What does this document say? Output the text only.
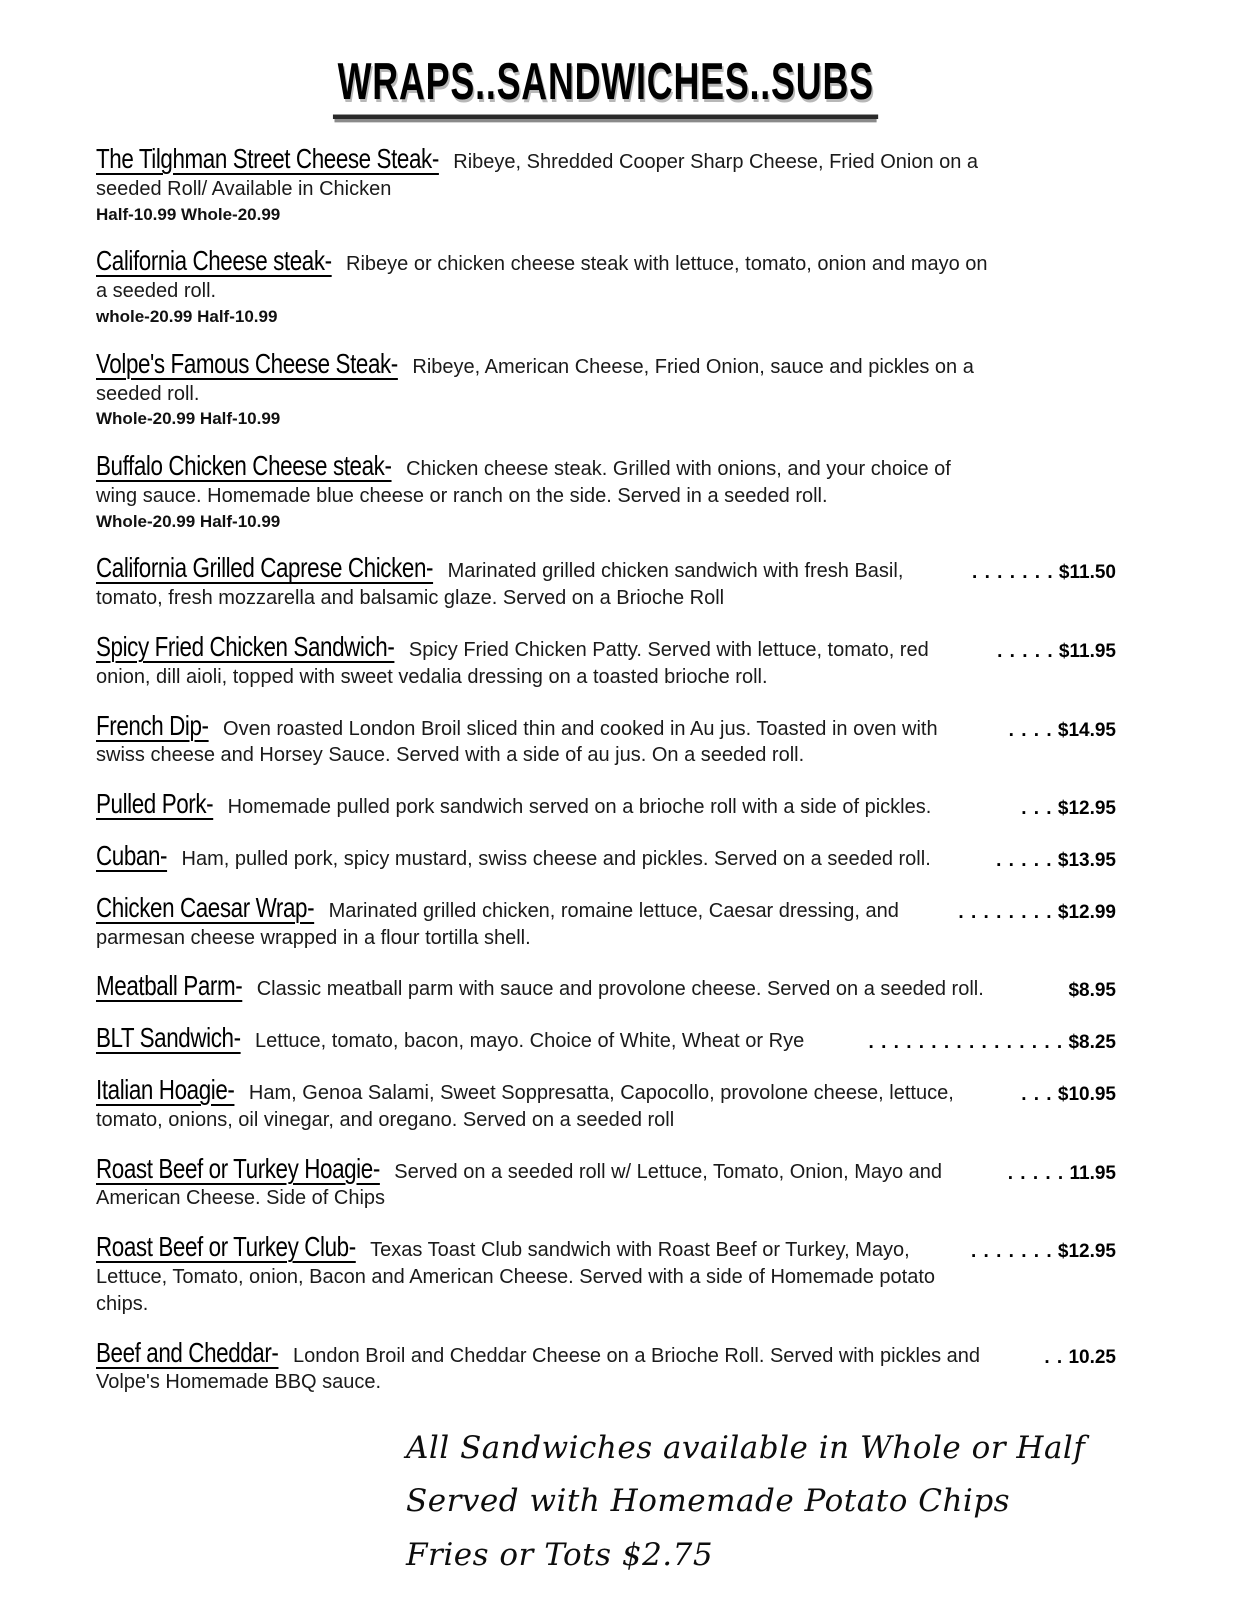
WRAPS..SANDWICHES..SUBS
The Tilghman Street Cheese Steak- Ribeye, Shredded Cooper Sharp Cheese, Fried Onion on a
seeded Roll/ Available in Chicken
Half-10.99 Whole-20.99
California Cheese steak- Ribeye or chicken cheese steak with lettuce, tomato, onion and mayo on
a seeded roll.
whole-20.99 Half-10.99
Volpe's Famous Cheese Steak- Ribeye, American Cheese, Fried Onion, sauce and pickles on a
seeded roll.
Whole-20.99 Half-10.99
Buffalo Chicken Cheese steak- Chicken cheese steak. Grilled with onions, and your choice of
wing sauce. Homemade blue cheese or ranch on the side. Served in a seeded roll.
Whole-20.99 Half-10.99
. . . . . . . $11.50
California Grilled Caprese Chicken- Marinated grilled chicken sandwich with fresh Basil,
tomato, fresh mozzarella and balsamic glaze. Served on a Brioche Roll
. . . . . $11.95
Spicy Fried Chicken Sandwich- Spicy Fried Chicken Patty. Served with lettuce, tomato, red
onion, dill aioli, topped with sweet vedalia dressing on a toasted brioche roll.
. . . . $14.95
French Dip- Oven roasted London Broil sliced thin and cooked in Au jus. Toasted in oven with
swiss cheese and Horsey Sauce. Served with a side of au jus. On a seeded roll.
. . . $12.95
Pulled Pork- Homemade pulled pork sandwich served on a brioche roll with a side of pickles.
. . . . . $13.95
Cuban- Ham, pulled pork, spicy mustard, swiss cheese and pickles. Served on a seeded roll.
. . . . . . . . $12.99
Chicken Caesar Wrap- Marinated grilled chicken, romaine lettuce, Caesar dressing, and
parmesan cheese wrapped in a flour tortilla shell.
$8.95
Meatball Parm- Classic meatball parm with sauce and provolone cheese. Served on a seeded roll.
. . . . . . . . . . . . . . . . $8.25
BLT Sandwich- Lettuce, tomato, bacon, mayo. Choice of White, Wheat or Rye
. . . $10.95
Italian Hoagie- Ham, Genoa Salami, Sweet Soppresatta, Capocollo, provolone cheese, lettuce,
tomato, onions, oil vinegar, and oregano. Served on a seeded roll
. . . . . 11.95
Roast Beef or Turkey Hoagie- Served on a seeded roll w/ Lettuce, Tomato, Onion, Mayo and
American Cheese. Side of Chips
. . . . . . . $12.95
Roast Beef or Turkey Club- Texas Toast Club sandwich with Roast Beef or Turkey, Mayo,
Lettuce, Tomato, onion, Bacon and American Cheese. Served with a side of Homemade potato
chips.
. . 10.25
Beef and Cheddar- London Broil and Cheddar Cheese on a Brioche Roll. Served with pickles and
Volpe's Homemade BBQ sauce.
All Sandwiches available in Whole or Half
Served with Homemade Potato Chips
Fries or Tots $2.75
